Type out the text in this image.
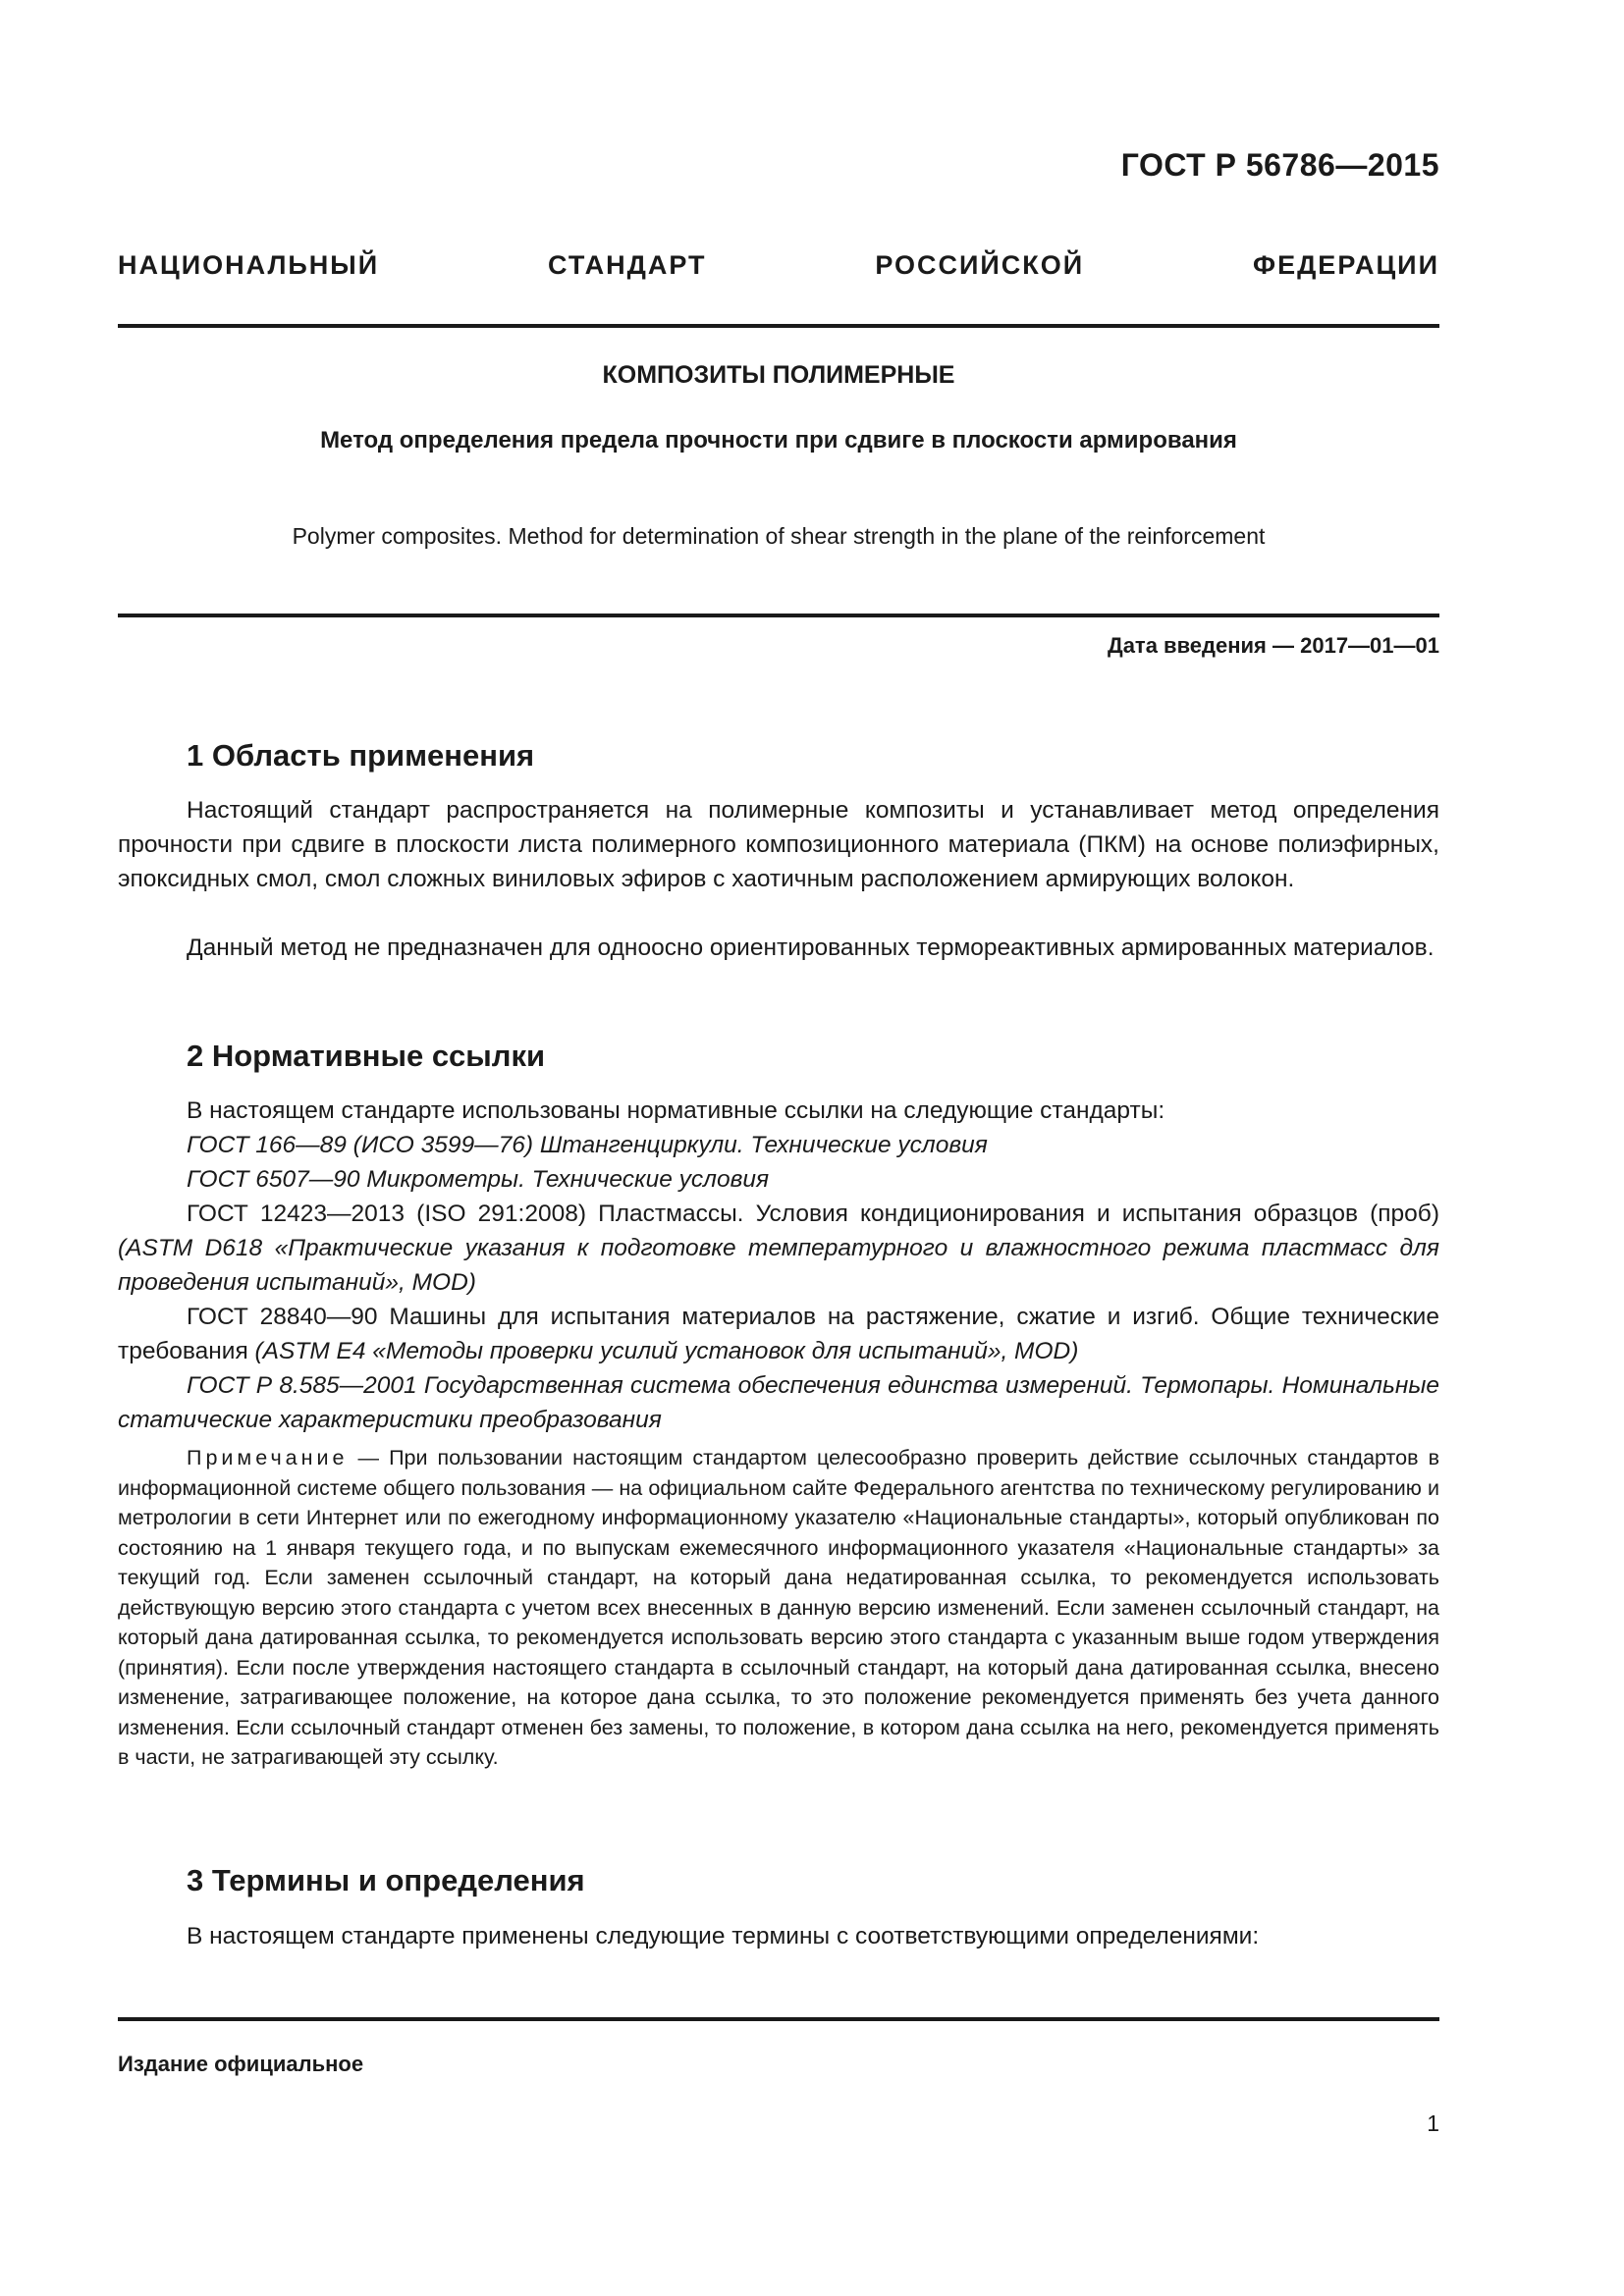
ГОСТ Р 56786—2015
НАЦИОНАЛЬНЫЙ СТАНДАРТ РОССИЙСКОЙ ФЕДЕРАЦИИ
КОМПОЗИТЫ ПОЛИМЕРНЫЕ
Метод определения предела прочности при сдвиге в плоскости армирования
Polymer composites. Method for determination of shear strength in the plane of the reinforcement
Дата введения — 2017—01—01
1 Область применения
Настоящий стандарт распространяется на полимерные композиты и устанавливает метод определения прочности при сдвиге в плоскости листа полимерного композиционного материала (ПКМ) на основе полиэфирных, эпоксидных смол, смол сложных виниловых эфиров с хаотичным расположением армирующих волокон.
Данный метод не предназначен для одноосно ориентированных термореактивных армированных материалов.
2 Нормативные ссылки
В настоящем стандарте использованы нормативные ссылки на следующие стандарты:
ГОСТ 166—89 (ИСО 3599—76) Штангенциркули. Технические условия
ГОСТ 6507—90 Микрометры. Технические условия
ГОСТ 12423—2013 (ISO 291:2008) Пластмассы. Условия кондиционирования и испытания образцов (проб) (ASTM D618 «Практические указания к подготовке температурного и влажностного режима пластмасс для проведения испытаний», MOD)
ГОСТ 28840—90 Машины для испытания материалов на растяжение, сжатие и изгиб. Общие технические требования (ASTM E4 «Методы проверки усилий установок для испытаний», MOD)
ГОСТ Р 8.585—2001 Государственная система обеспечения единства измерений. Термопары. Номинальные статические характеристики преобразования
Примечание — При пользовании настоящим стандартом целесообразно проверить действие ссылочных стандартов в информационной системе общего пользования — на официальном сайте Федерального агентства по техническому регулированию и метрологии в сети Интернет или по ежегодному информационному указателю «Национальные стандарты», который опубликован по состоянию на 1 января текущего года, и по выпускам ежемесячного информационного указателя «Национальные стандарты» за текущий год. Если заменен ссылочный стандарт, на который дана недатированная ссылка, то рекомендуется использовать действующую версию этого стандарта с учетом всех внесенных в данную версию изменений. Если заменен ссылочный стандарт, на который дана датированная ссылка, то рекомендуется использовать версию этого стандарта с указанным выше годом утверждения (принятия). Если после утверждения настоящего стандарта в ссылочный стандарт, на который дана датированная ссылка, внесено изменение, затрагивающее положение, на которое дана ссылка, то это положение рекомендуется применять без учета данного изменения. Если ссылочный стандарт отменен без замены, то положение, в котором дана ссылка на него, рекомендуется применять в части, не затрагивающей эту ссылку.
3 Термины и определения
В настоящем стандарте применены следующие термины с соответствующими определениями:
Издание официальное
1
